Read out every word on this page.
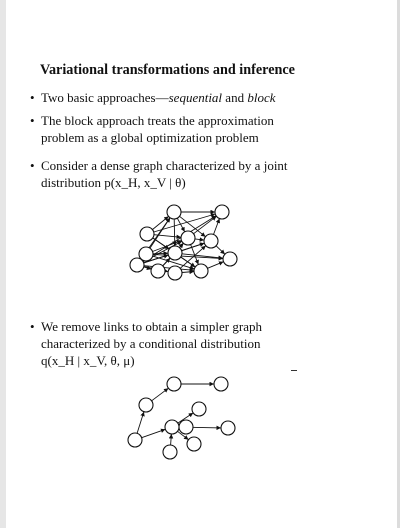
Variational transformations and inference
• Two basic approaches—sequential and block
• The block approach treats the approximation
problem as a global optimization problem
• Consider a dense graph characterized by a joint
distribution p(x_H, x_V | θ)
• We remove links to obtain a simpler graph
characterized by a conditional distribution
q(x_H | x_V, θ, μ)
